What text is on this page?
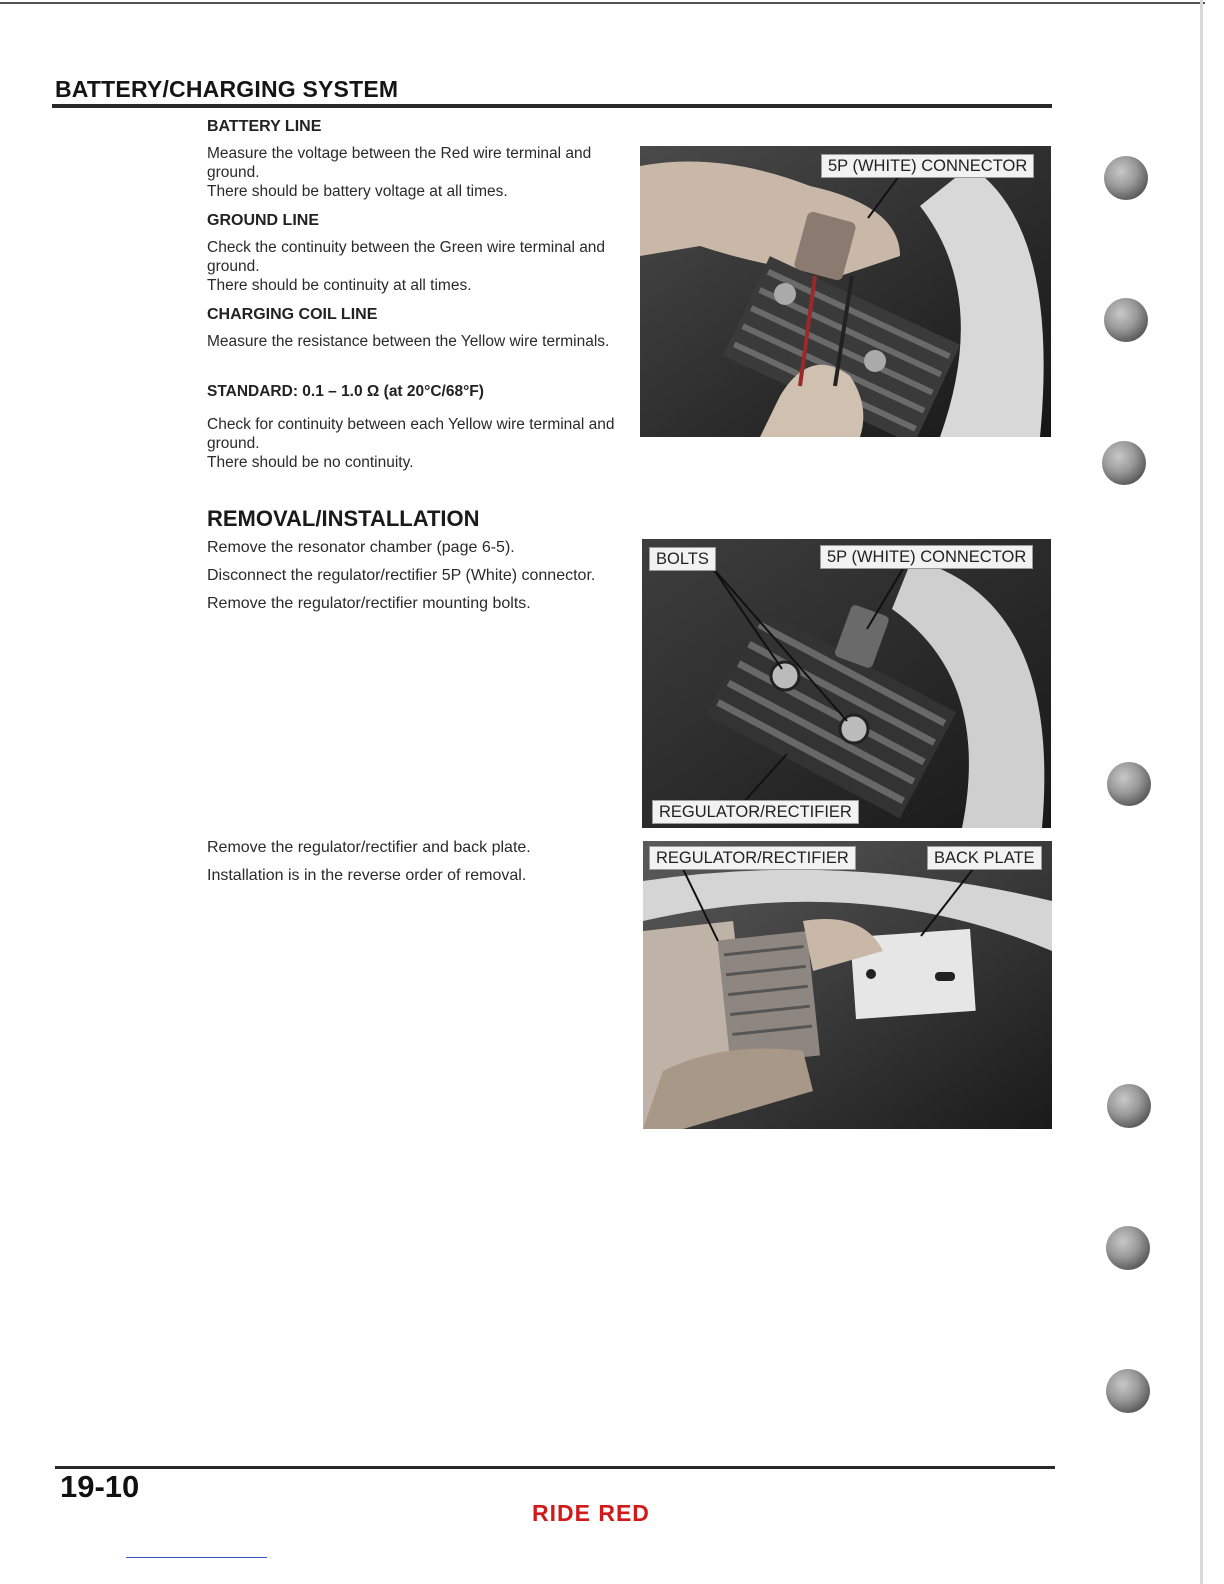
BATTERY/CHARGING SYSTEM
BATTERY LINE

Measure the voltage between the Red wire terminal and ground.

There should be battery voltage at all times.

GROUND LINE

Check the continuity between the Green wire terminal and ground.

There should be continuity at all times.

CHARGING COIL LINE
Measure the resistance between the Yellow wire terminals.
STANDARD: 0.1 – 1.0 Ω (at 20°C/68°F)

Check for continuity between each Yellow wire terminal and ground.

There should be no continuity.

REMOVAL/INSTALLATION

Remove the resonator chamber (page 6-5).

Disconnect the regulator/rectifier 5P (White) connector.

Remove the regulator/rectifier mounting bolts.

Remove the regulator/rectifier and back plate.

Installation is in the reverse order of removal.

5P (WHITE) CONNECTOR
BOLTS	5P (WHITE) CONNECTOR
REGULATOR/RECTIFIER
REGULATOR/RECTIFIER	BACK PLATE
19-10
RIDE RED
